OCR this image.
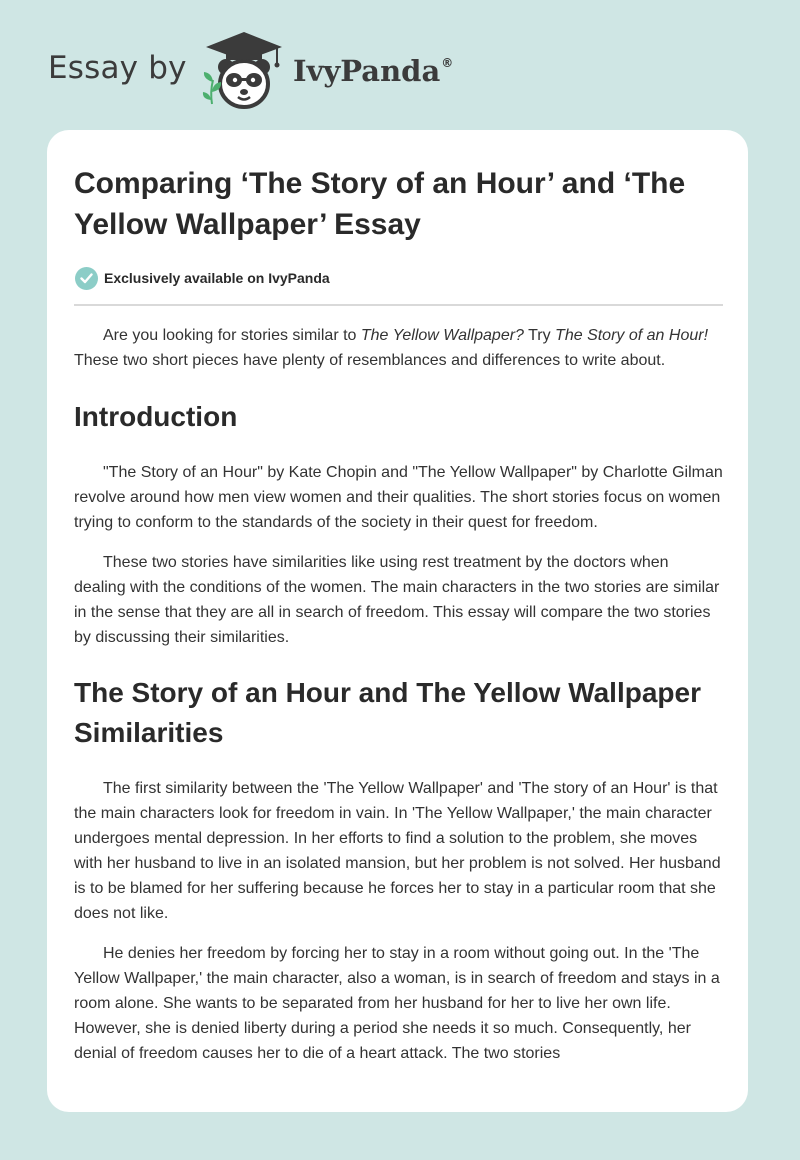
Essay by	IvyPanda®
Comparing ‘The Story of an Hour’ and ‘The Yellow Wallpaper’ Essay
Exclusively available on IvyPanda

Are you looking for stories similar to The Yellow Wallpaper? Try The Story of an Hour! These two short pieces have plenty of resemblances and differences to write about.

Introduction

"The Story of an Hour" by Kate Chopin and "The Yellow Wallpaper" by Charlotte Gilman revolve around how men view women and their qualities. The short stories focus on women trying to conform to the standards of the society in their quest for freedom.

These two stories have similarities like using rest treatment by the doctors when dealing with the conditions of the women. The main characters in the two stories are similar in the sense that they are all in search of freedom. This essay will compare the two stories by discussing their similarities.

The Story of an Hour and The Yellow Wallpaper Similarities

The first similarity between the 'The Yellow Wallpaper' and 'The story of an Hour' is that the main characters look for freedom in vain. In 'The Yellow Wallpaper,' the main character undergoes mental depression. In her efforts to find a solution to the problem, she moves with her husband to live in an isolated mansion, but her problem is not solved. Her husband is to be blamed for her suffering because he forces her to stay in a particular room that she does not like.

He denies her freedom by forcing her to stay in a room without going out. In the 'The Yellow Wallpaper,' the main character, also a woman, is in search of freedom and stays in a room alone. She wants to be separated from her husband for her to live her own life. However, she is denied liberty during a period she needs it so much. Consequently, her denial of freedom causes her to die of a heart attack. The two stories
